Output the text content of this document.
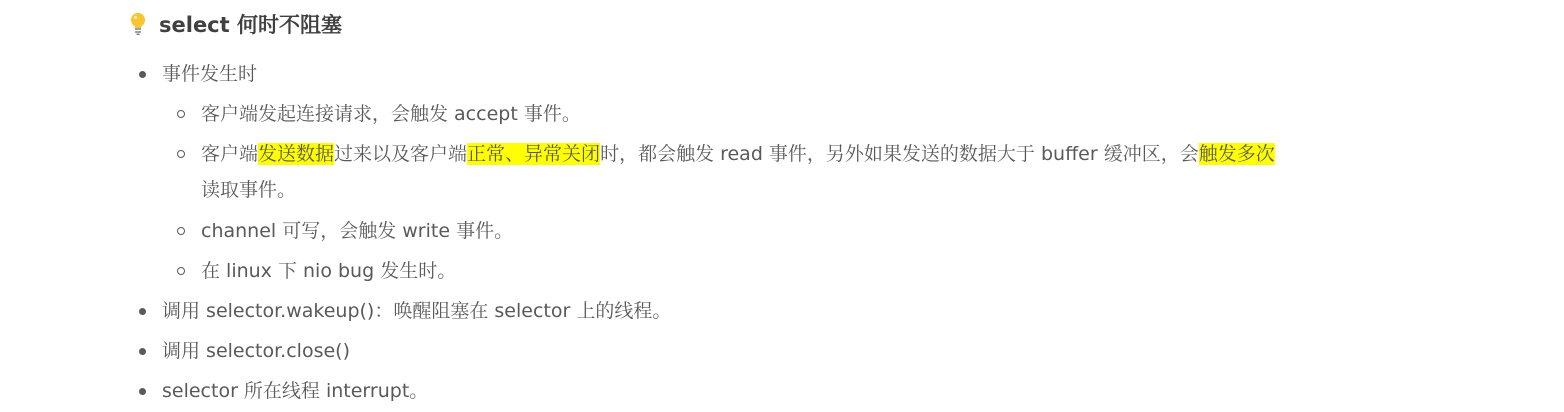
select 何时不阻塞
事件发生时
客户端发起连接请求，会触发 accept 事件。
客户端发送数据过来以及客户端正常、异常关闭时，都会触发 read 事件，另外如果发送的数据大于 buffer 缓冲区，会触发多次
读取事件。
channel 可写，会触发 write 事件。
在 linux 下 nio bug 发生时。
调用 selector.wakeup()：唤醒阻塞在 selector 上的线程。
调用 selector.close()
selector 所在线程 interrupt。
